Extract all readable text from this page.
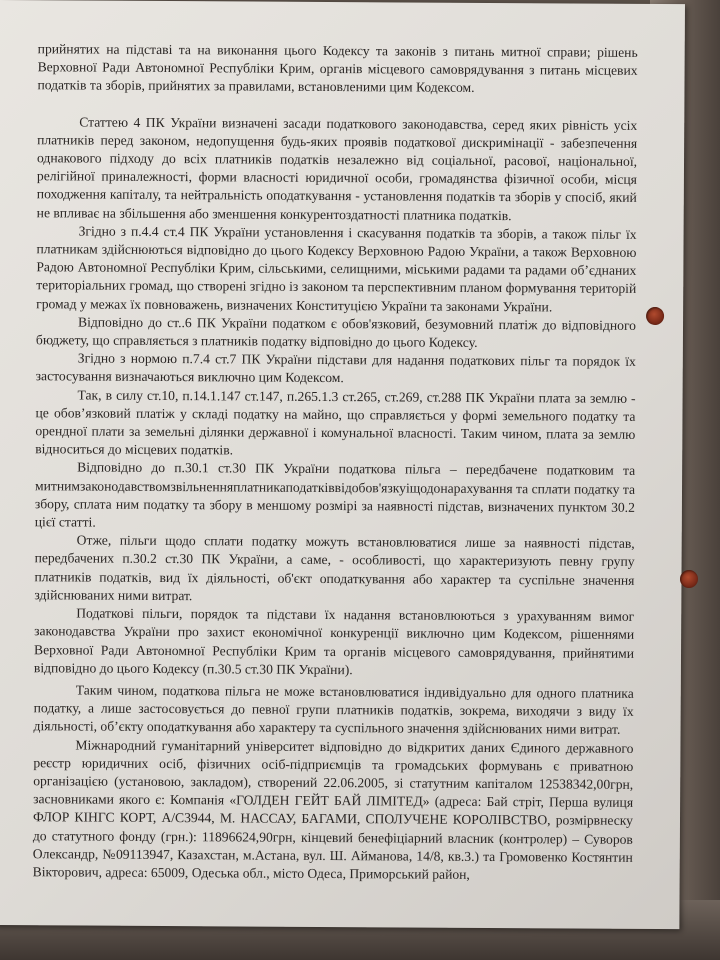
прийнятих на підставі та на виконання цього Кодексу та законів з питань митної справи; рішень Верховної Ради Автономної Республіки Крим, органів місцевого самоврядування з питань місцевих податків та зборів, прийнятих за правилами, встановленими цим Кодексом.

Статтею 4 ПК України визначені засади податкового законодавства, серед яких рівність усіх платників перед законом, недопущення будь-яких проявів податкової дискримінації - забезпечення однакового підходу до всіх платників податків незалежно від соціальної, расової, національної, релігійної приналежності, форми власності юридичної особи, громадянства фізичної особи, місця походження капіталу, та нейтральність оподаткування - установлення податків та зборів у спосіб, який не впливає на збільшення або зменшення конкурентоздатності платника податків.

Згідно з п.4.4 ст.4 ПК України установлення і скасування податків та зборів, а також пільг їх платникам здійснюються відповідно до цього Кодексу Верховною Радою України, а також Верховною Радою Автономної Республіки Крим, сільськими, селищними, міськими радами та радами об’єднаних територіальних громад, що створені згідно із законом та перспективним планом формування територій громад у межах їх повноважень, визначених Конституцією України та законами України.

Відповідно до ст..6 ПК України податком є обов'язковий, безумовний платіж до відповідного бюджету, що справляється з платників податку відповідно до цього Кодексу.

Згідно з нормою п.7.4 ст.7 ПК України підстави для надання податкових пільг та порядок їх застосування визначаються виключно цим Кодексом.

Так, в силу ст.10, п.14.1.147 ст.147, п.265.1.3 ст.265, ст.269, ст.288 ПК України плата за землю - це обов’язковий платіж у складі податку на майно, що справляється у формі земельного податку та орендної плати за земельні ділянки державної і комунальної власності. Таким чином, плата за землю відноситься до місцевих податків.

Відповідно до п.30.1 ст.30 ПК України податкова пільга – передбачене податковим та митнимзаконодавствомзвільненняплатникаподатківвідобов'язкуіщодонарахування та сплати податку та збору, сплата ним податку та збору в меншому розмірі за наявності підстав, визначених пунктом 30.2 цієї статті.

Отже, пільги щодо сплати податку можуть встановлюватися лише за наявності підстав, передбачених п.30.2 ст.30 ПК України, а саме, - особливості, що характеризують певну групу платників податків, вид їх діяльності, об'єкт оподаткування або характер та суспільне значення здійснюваних ними витрат.

Податкові пільги, порядок та підстави їх надання встановлюються з урахуванням вимог законодавства України про захист економічної конкуренції виключно цим Кодексом, рішеннями Верховної Ради Автономної Республіки Крим та органів місцевого самоврядування, прийнятими відповідно до цього Кодексу (п.30.5 ст.30 ПК України).

Таким чином, податкова пільга не може встановлюватися індивідуально для одного платника податку, а лише застосовується до певної групи платників податків, зокрема, виходячи з виду їх діяльності, об’єкту оподаткування або характеру та суспільного значення здійснюваних ними витрат.

Міжнародний гуманітарний університет відповідно до відкритих даних Єдиного державного реєстр юридичних осіб, фізичних осіб-підприємців та громадських формувань є приватною організацією (установою, закладом), створений 22.06.2005, зі статутним капіталом 12538342,00грн, засновниками якого є: Компанія «ГОЛДЕН ГЕЙТ БАЙ ЛІМІТЕД» (адреса: Бай стріт, Перша вулиця ФЛОР КІНГС КОРТ, А/С3944, М. НАССАУ, БАГАМИ, СПОЛУЧЕНЕ КОРОЛІВСТВО, розмірвнеску до статутного фонду (грн.): 11896624,90грн, кінцевий бенефіціарний власник (контролер) – Суворов Олександр, №09113947, Казахстан, м.Астана, вул. Ш. Айманова, 14/8, кв.3.) та Громовенко Костянтин Вікторович, адреса: 65009, Одеська обл., місто Одеса, Приморський район,
